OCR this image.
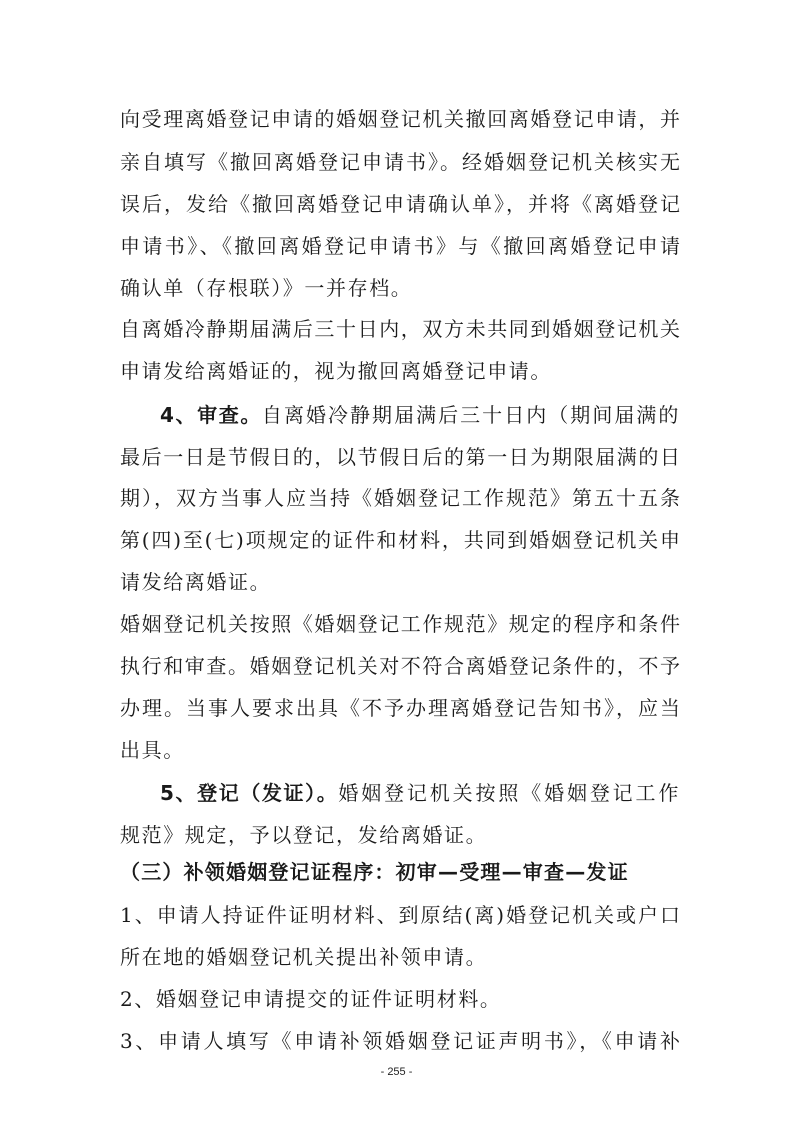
向受理离婚登记申请的婚姻登记机关撤回离婚登记申请，并
亲自填写《撤回离婚登记申请书》。经婚姻登记机关核实无
误后，发给《撤回离婚登记申请确认单》，并将《离婚登记
申请书》、《撤回离婚登记申请书》与《撤回离婚登记申请
确认单（存根联）》一并存档。
自离婚冷静期届满后三十日内，双方未共同到婚姻登记机关
申请发给离婚证的，视为撤回离婚登记申请。
4、审查。 自离婚冷静期届满后三十日内（期间届满的
最后一日是节假日的，以节假日后的第一日为期限届满的日
期），双方当事人应当持《婚姻登记工作规范》第五十五条
第(四)至(七)项规定的证件和材料，共同到婚姻登记机关申
请发给离婚证。
婚姻登记机关按照《婚姻登记工作规范》规定的程序和条件
执行和审查。婚姻登记机关对不符合离婚登记条件的，不予
办理。当事人要求出具《不予办理离婚登记告知书》，应当
出具。
5、登记（发证）。 婚姻登记机关按照《婚姻登记工作
规范》规定，予以登记，发给离婚证。
（三）补领婚姻登记证程序：初审—受理—审查—发证
1、申请人持证件证明材料、到原结(离)婚登记机关或户口
所在地的婚姻登记机关提出补领申请。
2、婚姻登记申请提交的证件证明材料。
3、申请人填写《申请补领婚姻登记证声明书》，《申请补
- 255 -
